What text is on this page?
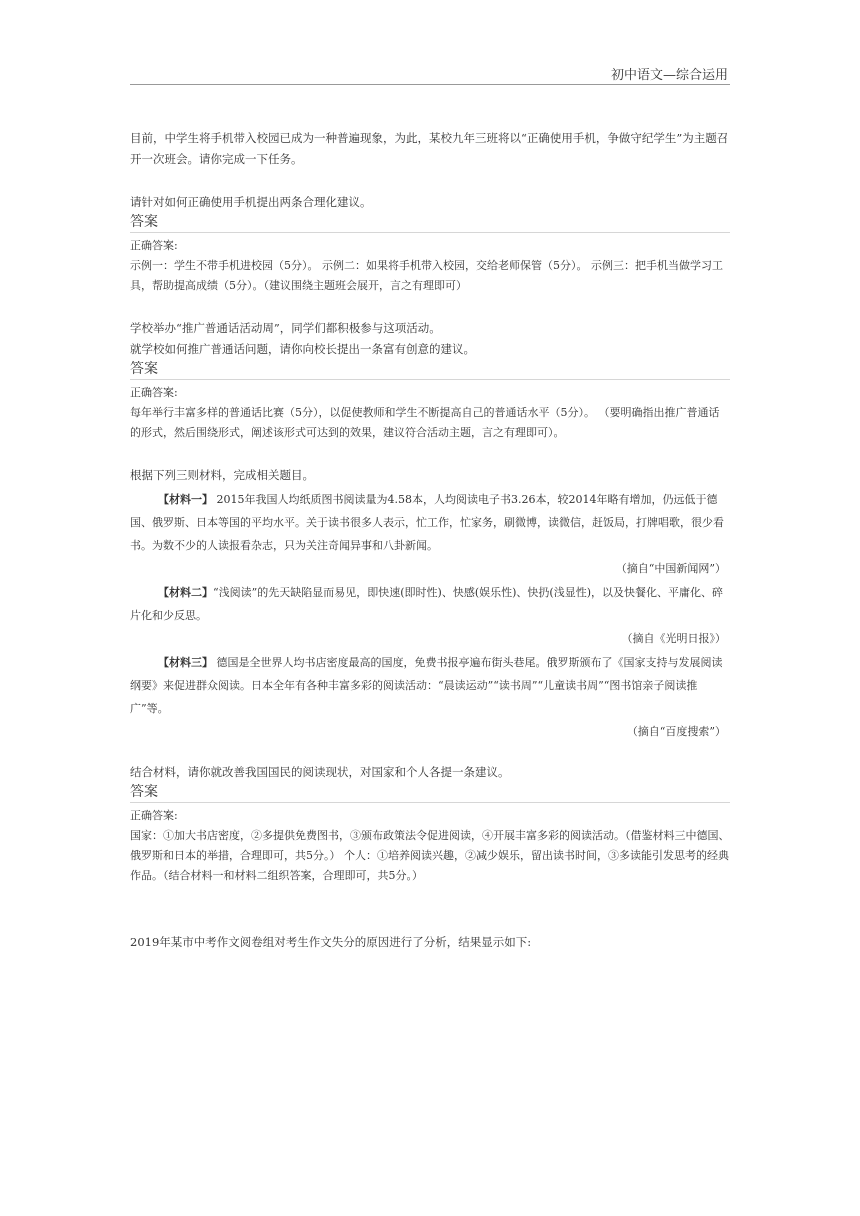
初中语文—综合运用

目前，中学生将手机带入校园已成为一种普遍现象，为此，某校九年三班将以“正确使用手机，争做守纪学生”为主题召开一次班会。请你完成一下任务。

请针对如何正确使用手机提出两条合理化建议。

答案

正确答案:

示例一：学生不带手机进校园（5分）。 示例二：如果将手机带入校园，交给老师保管（5分）。 示例三：把手机当做学习工具，帮助提高成绩（5分）。（建议围绕主题班会展开，言之有理即可）

学校举办“推广普通话活动周”，同学们都积极参与这项活动。

就学校如何推广普通话问题，请你向校长提出一条富有创意的建议。

答案

正确答案:

每年举行丰富多样的普通话比赛（5分），以促使教师和学生不断提高自己的普通话水平（5分）。 （要明确指出推广普通话的形式，然后围绕形式，阐述该形式可达到的效果，建议符合活动主题，言之有理即可）。

根据下列三则材料，完成相关题目。

【材料一】 2015年我国人均纸质图书阅读量为4.58本，人均阅读电子书3.26本，较2014年略有增加，仍远低于德国、俄罗斯、日本等国的平均水平。关于读书很多人表示，忙工作，忙家务，刷微博，读微信，赶饭局，打牌唱歌，很少看书。为数不少的人读报看杂志，只为关注奇闻异事和八卦新闻。

（摘自“中国新闻网”）

【材料二】“浅阅读”的先天缺陷显而易见，即快速(即时性)、快感(娱乐性)、快扔(浅显性)，以及快餐化、平庸化、碎片化和少反思。

（摘自《光明日报》）

【材料三】 德国是全世界人均书店密度最高的国度，免费书报亭遍布街头巷尾。俄罗斯颁布了《国家支持与发展阅读纲要》来促进群众阅读。日本全年有各种丰富多彩的阅读活动：“晨读运动”“读书周”“儿童读书周”“图书馆亲子阅读推广”等。

（摘自“百度搜索”）

结合材料，请你就改善我国国民的阅读现状，对国家和个人各提一条建议。

答案

正确答案:

国家：①加大书店密度，②多提供免费图书，③颁布政策法令促进阅读，④开展丰富多彩的阅读活动。（借鉴材料三中德国、俄罗斯和日本的举措，合理即可，共5分。） 个人：①培养阅读兴趣，②减少娱乐，留出读书时间，③多读能引发思考的经典作品。（结合材料一和材料二组织答案，合理即可，共5分。）

2019年某市中考作文阅卷组对考生作文失分的原因进行了分析，结果显示如下:
